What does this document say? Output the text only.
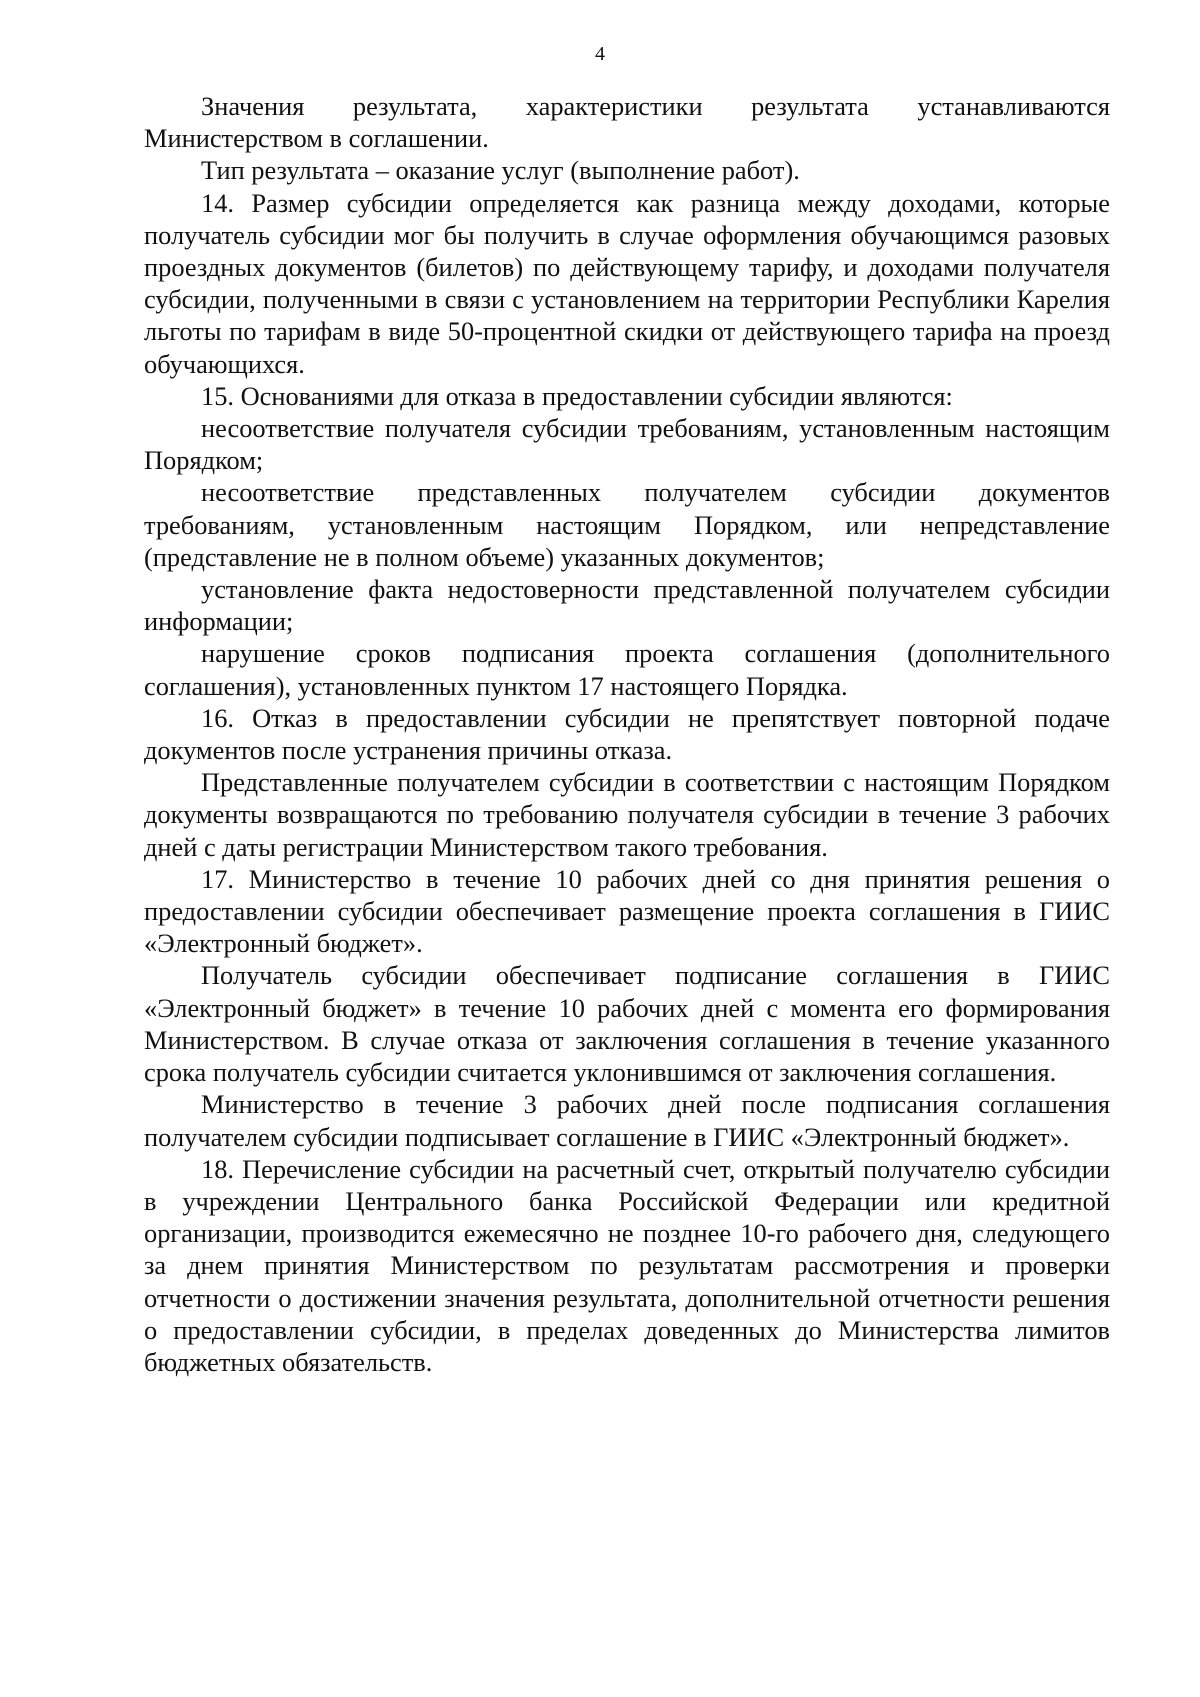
4

Значения результата, характеристики результата устанавливаются Министерством в соглашении.

Тип результата – оказание услуг (выполнение работ).

14. Размер субсидии определяется как разница между доходами, которые получатель субсидии мог бы получить в случае оформления обучающимся разовых проездных документов (билетов) по действующему тарифу, и доходами получателя субсидии, полученными в связи с установлением на территории Республики Карелия льготы по тарифам в виде 50-процентной скидки от действующего тарифа на проезд обучающихся.

15. Основаниями для отказа в предоставлении субсидии являются:

несоответствие получателя субсидии требованиям, установленным настоящим Порядком;

несоответствие представленных получателем субсидии документов требованиям, установленным настоящим Порядком, или непредставление (представление не в полном объеме) указанных документов;

установление факта недостоверности представленной получателем субсидии информации;

нарушение сроков подписания проекта соглашения (дополнительного соглашения), установленных пунктом 17 настоящего Порядка.

16. Отказ в предоставлении субсидии не препятствует повторной подаче документов после устранения причины отказа.

Представленные получателем субсидии в соответствии с настоящим Порядком документы возвращаются по требованию получателя субсидии в течение 3 рабочих дней с даты регистрации Министерством такого требования.

17. Министерство в течение 10 рабочих дней со дня принятия решения о предоставлении субсидии обеспечивает размещение проекта соглашения в ГИИС «Электронный бюджет».

Получатель субсидии обеспечивает подписание соглашения в ГИИС «Электронный бюджет» в течение 10 рабочих дней с момента его формирования Министерством. В случае отказа от заключения соглашения в течение указанного срока получатель субсидии считается уклонившимся от заключения соглашения.

Министерство в течение 3 рабочих дней после подписания соглашения получателем субсидии подписывает соглашение в ГИИС «Электронный бюджет».

18. Перечисление субсидии на расчетный счет, открытый получателю субсидии в учреждении Центрального банка Российской Федерации или кредитной организации, производится ежемесячно не позднее 10-го рабочего дня, следующего за днем принятия Министерством по результатам рассмотрения и проверки отчетности о достижении значения результата, дополнительной отчетности решения о предоставлении субсидии, в пределах доведенных до Министерства лимитов бюджетных обязательств.
